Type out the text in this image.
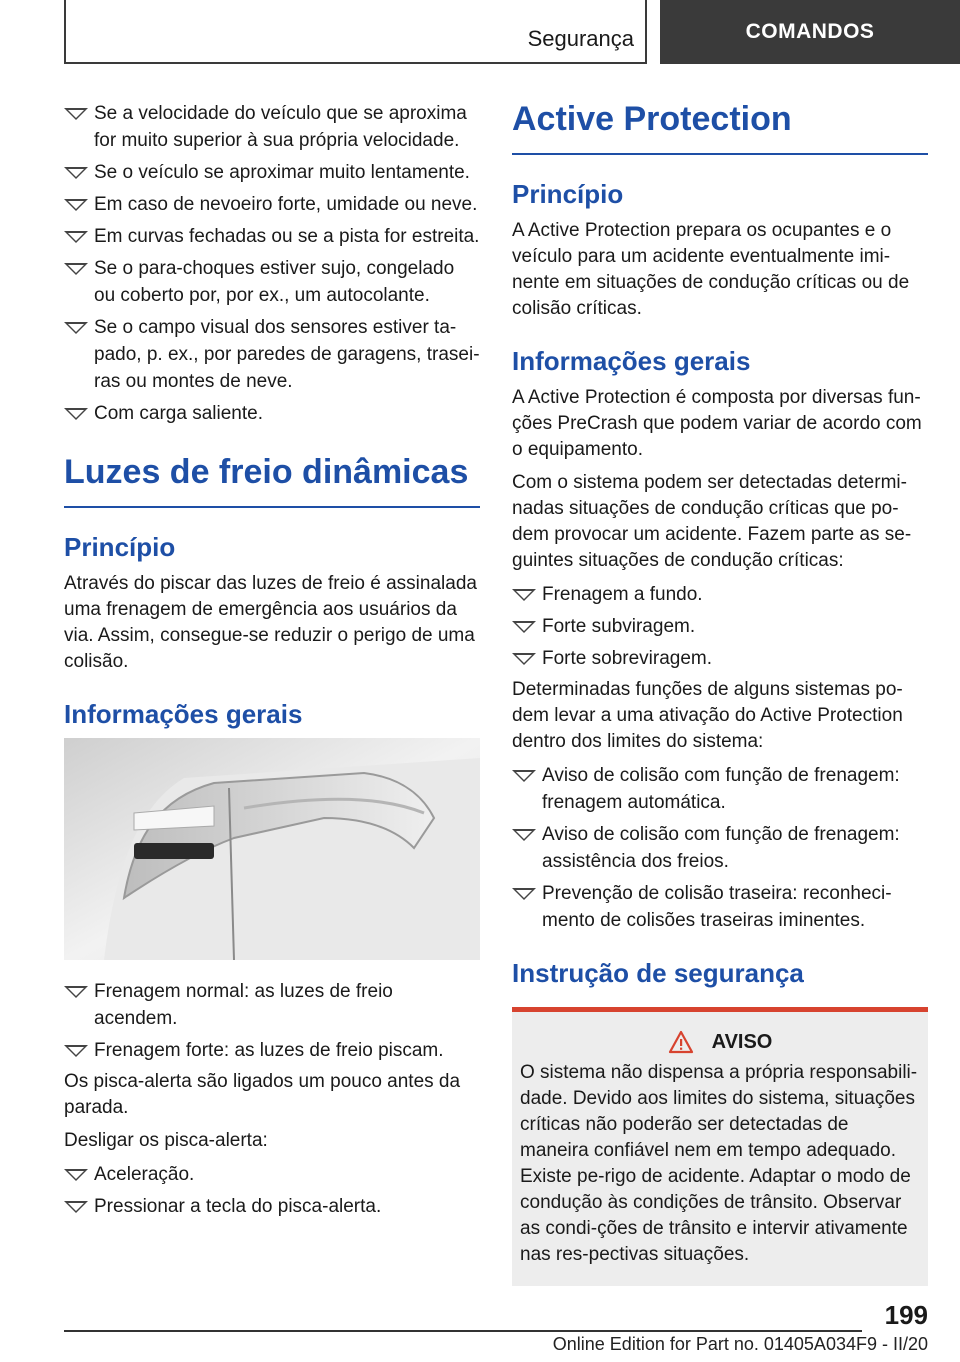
Segurança	COMANDOS
Se a velocidade do veículo que se aproxima for muito superior à sua própria velocidade.
Se o veículo se aproximar muito lentamente.
Em caso de nevoeiro forte, umidade ou neve.
Em curvas fechadas ou se a pista for estreita.
Se o para-choques estiver sujo, congelado ou coberto por, por ex., um autocolante.
Se o campo visual dos sensores estiver ta-pado, p. ex., por paredes de garagens, trasei-ras ou montes de neve.
Com carga saliente.
Luzes de freio dinâmicas
Princípio

Através do piscar das luzes de freio é assinalada uma frenagem de emergência aos usuários da via. Assim, consegue-se reduzir o perigo de uma colisão.

Informações gerais
Frenagem normal: as luzes de freio acendem.
Frenagem forte: as luzes de freio piscam.

Os pisca-alerta são ligados um pouco antes da parada.

Desligar os pisca-alerta:

Aceleração.
Pressionar a tecla do pisca-alerta.
Active Protection
Princípio

A Active Protection prepara os ocupantes e o veículo para um acidente eventualmente imi-nente em situações de condução críticas ou de colisão críticas.

Informações gerais

A Active Protection é composta por diversas fun-ções PreCrash que podem variar de acordo com o equipamento.

Com o sistema podem ser detectadas determi-nadas situações de condução críticas que po-dem provocar um acidente. Fazem parte as se-guintes situações de condução críticas:

Frenagem a fundo.
Forte subviragem.
Forte sobreviragem.

Determinadas funções de alguns sistemas po-dem levar a uma ativação do Active Protection dentro dos limites do sistema:

Aviso de colisão com função de frenagem: frenagem automática.
Aviso de colisão com função de frenagem: assistência dos freios.
Prevenção de colisão traseira: reconheci-mento de colisões traseiras iminentes.
Instrução de segurança
AVISO

O sistema não dispensa a própria responsabili-dade. Devido aos limites do sistema, situações críticas não poderão ser detectadas de maneira confiável nem em tempo adequado. Existe pe-rigo de acidente. Adaptar o modo de condução às condições de trânsito. Observar as condi-ções de trânsito e intervir ativamente nas res-pectivas situações.

199
Online Edition for Part no. 01405A034F9 - II/20
